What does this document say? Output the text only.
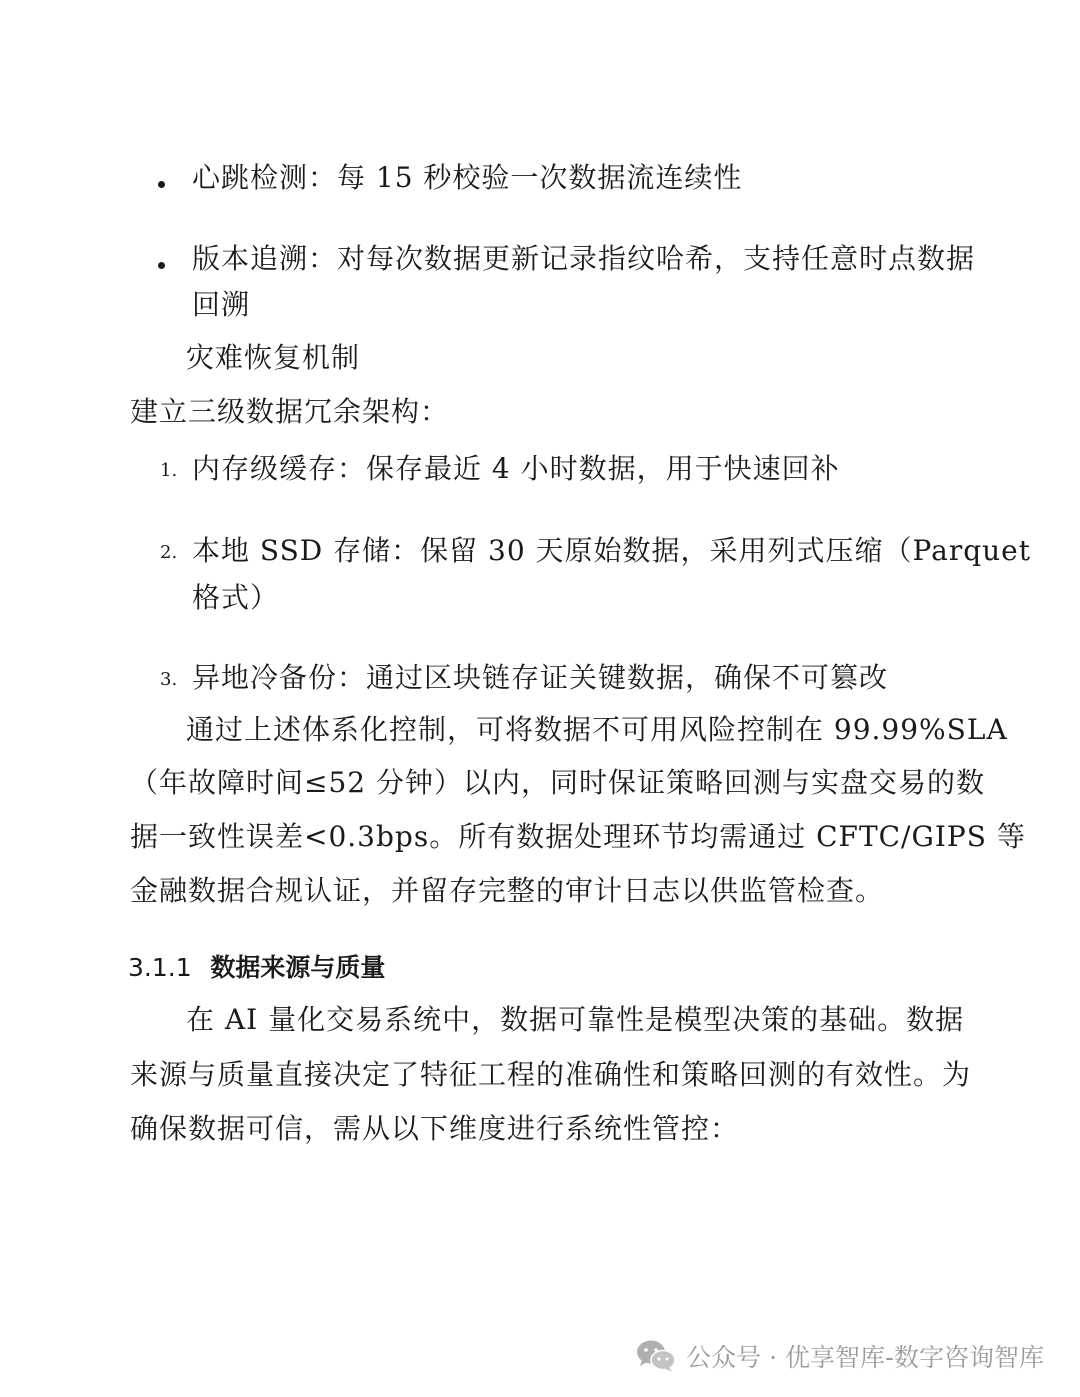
心跳检测：每 15 秒校验一次数据流连续性
版本追溯：对每次数据更新记录指纹哈希，支持任意时点数据
回溯
灾难恢复机制
建立三级数据冗余架构：
1. 内存级缓存：保存最近 4 小时数据，用于快速回补
2. 本地 SSD 存储：保留 30 天原始数据，采用列式压缩（Parquet
格式）
3. 异地冷备份：通过区块链存证关键数据，确保不可篡改
通过上述体系化控制，可将数据不可用风险控制在 99.99%SLA
（年故障时间≤52 分钟）以内，同时保证策略回测与实盘交易的数
据一致性误差<0.3bps。所有数据处理环节均需通过 CFTC/GIPS 等
金融数据合规认证，并留存完整的审计日志以供监管检查。
3.1.1 数据来源与质量
在 AI 量化交易系统中，数据可靠性是模型决策的基础。数据
来源与质量直接决定了特征工程的准确性和策略回测的有效性。为
确保数据可信，需从以下维度进行系统性管控：
公众号 · 优享智库-数字咨询智库
